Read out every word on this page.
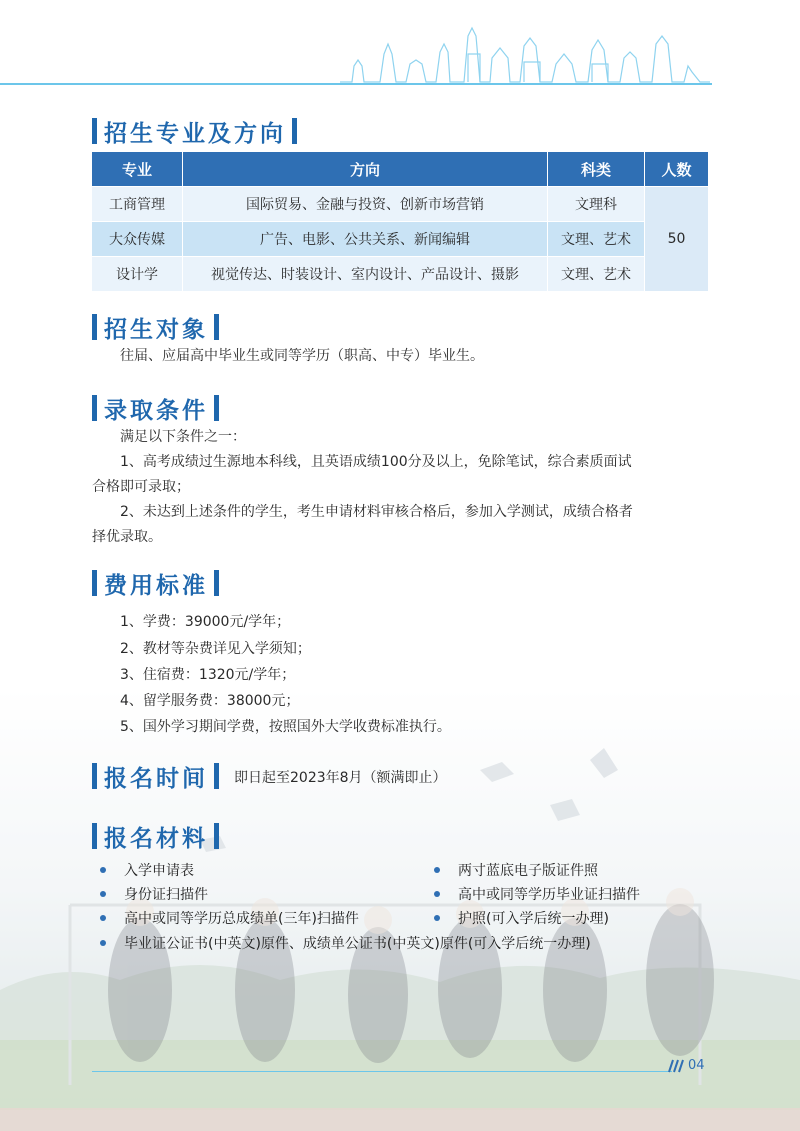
招生专业及方向
专业	方向	科类	人数
工商管理	国际贸易、金融与投资、创新市场营销	文理科	50
大众传媒	广告、电影、公共关系、新闻编辑	文理、艺术	
设计学	视觉传达、时装设计、室内设计、产品设计、摄影	文理、艺术	
招生对象
往届、应届高中毕业生或同等学历（职高、中专）毕业生。
录取条件
满足以下条件之一：
1、高考成绩过生源地本科线，且英语成绩100分及以上，免除笔试，综合素质面试
合格即可录取；
2、未达到上述条件的学生，考生申请材料审核合格后，参加入学测试，成绩合格者
择优录取。
费用标准
1、学费：39000元/学年；
2、教材等杂费详见入学须知；
3、住宿费：1320元/学年；
4、留学服务费：38000元；
5、国外学习期间学费，按照国外大学收费标准执行。
报名时间	即日起至2023年8月（额满即止）
报名材料
入学申请表	两寸蓝底电子版证件照
身份证扫描件	高中或同等学历毕业证扫描件
高中或同等学历总成绩单(三年)扫描件	护照(可入学后统一办理)
毕业证公证书(中英文)原件、成绩单公证书(中英文)原件(可入学后统一办理)
04
